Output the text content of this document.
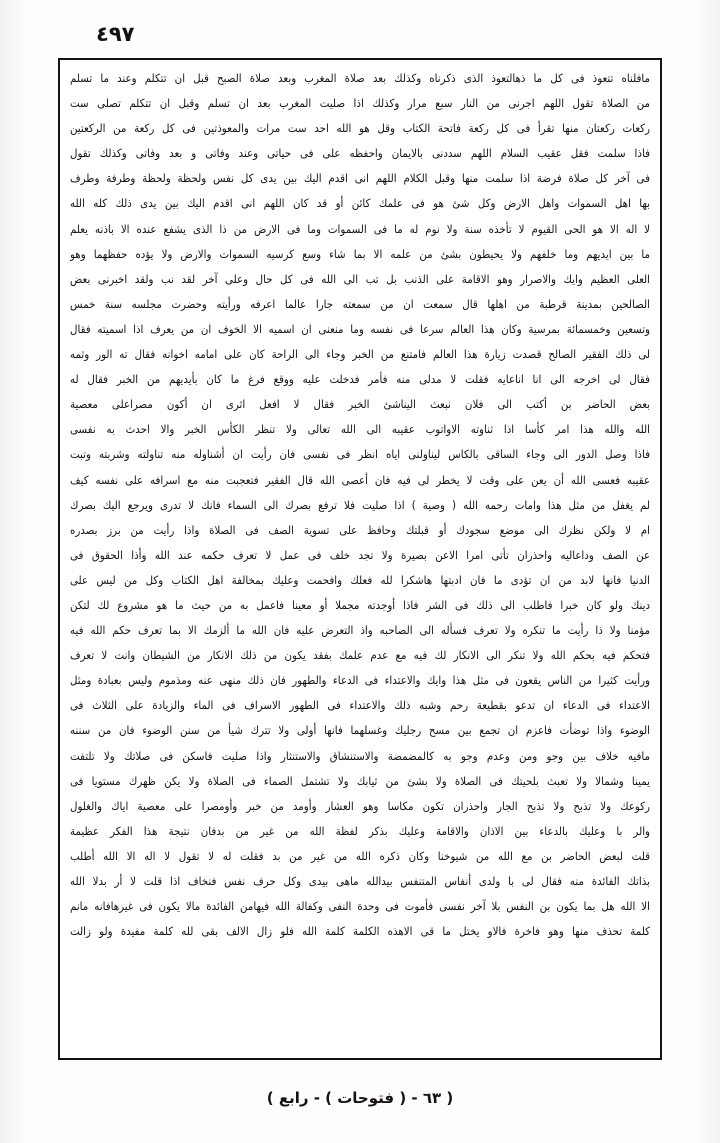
٤٩٧
مافلناه تتعوذ فى كل ما ذهالتعوذ الذى ذكرناه وكذلك بعد صلاة المغرب وبعد صلاة الصبح قبل ان تتكلم وعند ما تسلم
من الصلاة تقول اللهم اجرنى من النار سبع مرار وكذلك اذا صليت المغرب بعد ان تسلم وقبل ان تتكلم تصلى ست
ركعات ركعتان منها تقرأ فى كل ركعة فاتحة الكتاب وقل هو الله احد ست مرات والمعوذتين فى كل ركعة من الركعتين
فاذا سلمت فقل عقيب السلام اللهم سددنى بالايمان واحفظه على فى حياتى وعند وفاتى و بعد وفاتى وكذلك تقول
فى آخر كل صلاة فرضة اذا سلمت منها وقبل الكلام اللهم انى اقدم اليك بين يدى كل نفس ولحظة ولحظة وطرفة وطرف
بها اهل السموات واهل الارض وكل شئ هو فى علمك كائن أو قد كان اللهم انى اقدم اليك بين يدى ذلك كله الله
لا اله الا هو الحى القيوم لا تأخذه سنة ولا نوم له ما فى السموات وما فى الارض من ذا الذى يشفع عنده الا باذنه يعلم
ما بين ايديهم وما خلفهم ولا يحيطون بشئ من علمه الا بما شاء وسع كرسيه السموات والارض ولا يؤده حفظهما وهو
العلى العظيم وايك والاصرار وهو الاقامة على الذنب بل تب الى الله فى كل حال وعلى آخر لقد نب ولقد اخبرنى بعض
الصالحين بمدينة قرطبة من اهلها قال سمعت ان من سمعته جارا عالما اعرفه ورأيته وحضرت مجلسه سنة خمس
وتسعين وخمسمائة بمرسية وكان هذا العالم سرعا فى نفسه وما منعنى ان اسميه الا الخوف ان من يعرف اذا اسميته فقال
لى ذلك الفقير الصالح قصدت زيارة هذا العالم فامتنع من الخبر وجاء الى الراحة كان على امامه اخوانه فقال ته الور وثمه
فقال لى اخرجه الى انا اناعايه فقلت لا مدلى منه فأمر فدخلت عليه ووقع فرغ ما كان بأيديهم من الخبر فقال له
بعض الحاضر بن أكتب الى فلان نبعث اليناشئ الخبر فقال لا افعل اثرى ان أكون مصراعلى معصية
الله والله هذا امر كأسا اذا ثناوته الاواتوب عقيبه الى الله تعالى ولا تنظر الكأس الخبر والا احدث به نفسى
فاذا وصل الدور الى وجاء الساقى بالكاس ليناولنى اياه انظر فى نفسى فان رأيت ان أشناوله منه تناولته وشربته وتبت
عقيبه فعسى الله أن يعن على وقت لا يخطر لى فيه فان أعصى الله قال الفقير فتعجبت منه مع اسرافه على نفسه كيف
لم يغفل من مثل هذا وامات رحمه الله ( وصية ) اذا صليت فلا ترفع بصرك الى السماء فانك لا تدرى ويرجع اليك بصرك
ام لا ولكن نظرك الى موضع سجودك أو قبلتك وحافظ على تسوية الصف فى الصلاة واذا رأيت من برز بصدره
عن الصف وداعاليه واحذران تأتى امرا الاعن بصيرة ولا تجد خلف فى عمل لا تعرف حكمه عند الله وأذا الحقوق فى
الدنيا فانها لابد من ان تؤدى ما فان ادبتها هاشكرا لله فعلك وافحمت وعليك بمخالفة اهل الكتاب وكل من ليس على
دينك ولو كان خبرا فاطلب الى ذلك فى الشر فاذا أوجدته مجملا أو معينا فاعمل به من حيث ما هو مشروع لك لتكن
مؤمنا ولا ذا رأيت ما تنكره ولا تعرف فسأله الى الصاحبه واذ التعرض عليه فان الله ما ألزمك الا بما تعرف حكم الله فيه
فتحكم فيه بحكم الله ولا تنكر الى الانكار لك فيه مع عدم علمك بفقد يكون من ذلك الانكار من الشيطان وانت لا تعرف
ورأيت كثيرا من الناس يقعون فى مثل هذا وايك والاعتداء فى الدعاء والطهور فان ذلك منهى عنه ومذموم وليس بعبادة ومثل
الاعتداء فى الدعاء ان تدعو بقطيعة رحم وشبه ذلك والاعتداء فى الطهور الاسراف فى الماء والزيادة على الثلاث فى
الوضوء واذا توضأت فاعزم ان تجمع بين مسح رجليك وغسلهما فانها أولى ولا تترك شيأ من سنن الوضوء فان من سننه
مافيه خلاف بين وجو ومن وعدم وجو به كالمضمضة والاستنشاق والاستنثار واذا صليت فاسكن فى صلاتك ولا تلتفت
يمينا وشمالا ولا تعبث بلحيتك فى الصلاة ولا بشئ من ثيابك ولا تشتمل الصماء فى الصلاة ولا يكن ظهرك مستويا فى
ركوعك ولا تذبح ولا تذبح الجار واحذران تكون مكاسا وهو العشار وأومد من خبر وأومصرا على معصية اياك والغلول
والر با وعليك بالدعاء بين الاذان والاقامة وعليك بذكر لفظة الله من غير من بدفان نتيجة هذا الفكر عظيمة
قلت لبعض الحاضر بن مع الله من شيوخنا وكان ذكره الله من غير من بد فقلت له لا تقول لا اله الا الله أطلب
بذاتك الفائدة منه فقال لى با ولدى أنفاس المتنفس بيدالله ماهى بيدى وكل حرف نفس فنخاف اذا قلت لا أر بدلا الله
الا الله هل بما يكون بن النفس بلا آخر نفسى فأموت فى وحدة النفى وكفالة الله فيهامن الفائدة مالا يكون فى غيرهافانه مانم
كلمة تحذف منها وهو فاخرة فالاو يختل ما قى الاهذه الكلمة كلمة الله فلو زال الالف بقى لله كلمة مفيدة ولو زالت
( ٦٣ - ( فتوحات ) - رابع )
